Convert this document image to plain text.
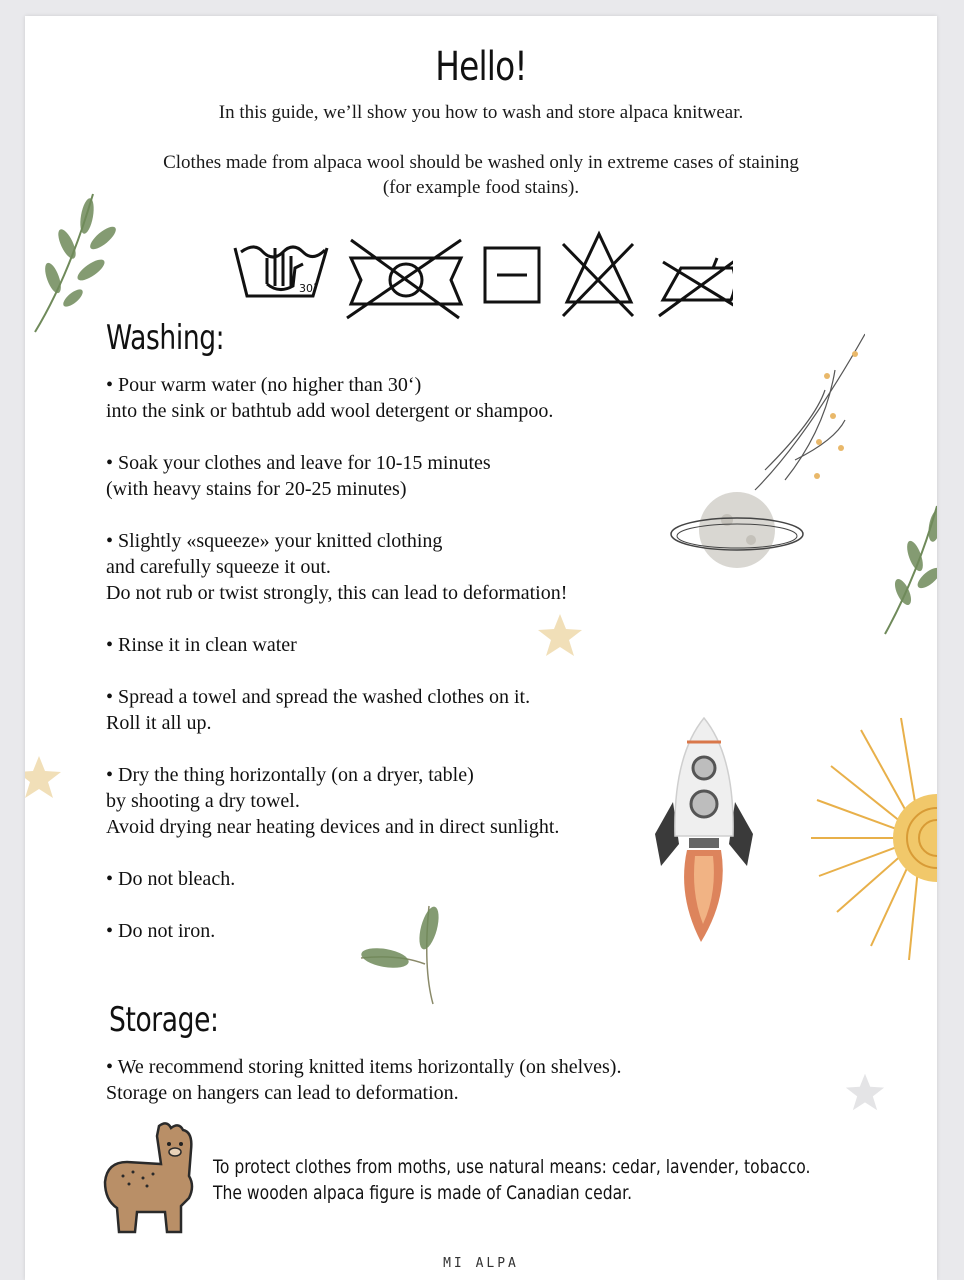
Hello!
In this guide, we’ll show you how to wash and store alpaca knitwear.
Clothes made from alpaca wool should be washed only in extreme cases of staining
(for example food stains).
30˚
Washing:
• Pour warm water (no higher than 30‘)
into the sink or bathtub add wool detergent or shampoo.
• Soak your clothes and leave for 10-15 minutes
(with heavy stains for 20-25 minutes)
• Slightly «squeeze» your knitted clothing
and carefully squeeze it out.
Do not rub or twist strongly, this can lead to deformation!
• Rinse it in clean water
• Spread a towel and spread the washed clothes on it.
Roll it all up.
• Dry the thing horizontally (on a dryer, table)
by shooting a dry towel.
Avoid drying near heating devices and in direct sunlight.
• Do not bleach.
• Do not iron.
Storage:
• We recommend storing knitted items horizontally (on shelves).
Storage on hangers can lead to deformation.
To protect clothes from moths, use natural means: cedar, lavender, tobacco.
The wooden alpaca figure is made of Canadian cedar.
MI ALPA
